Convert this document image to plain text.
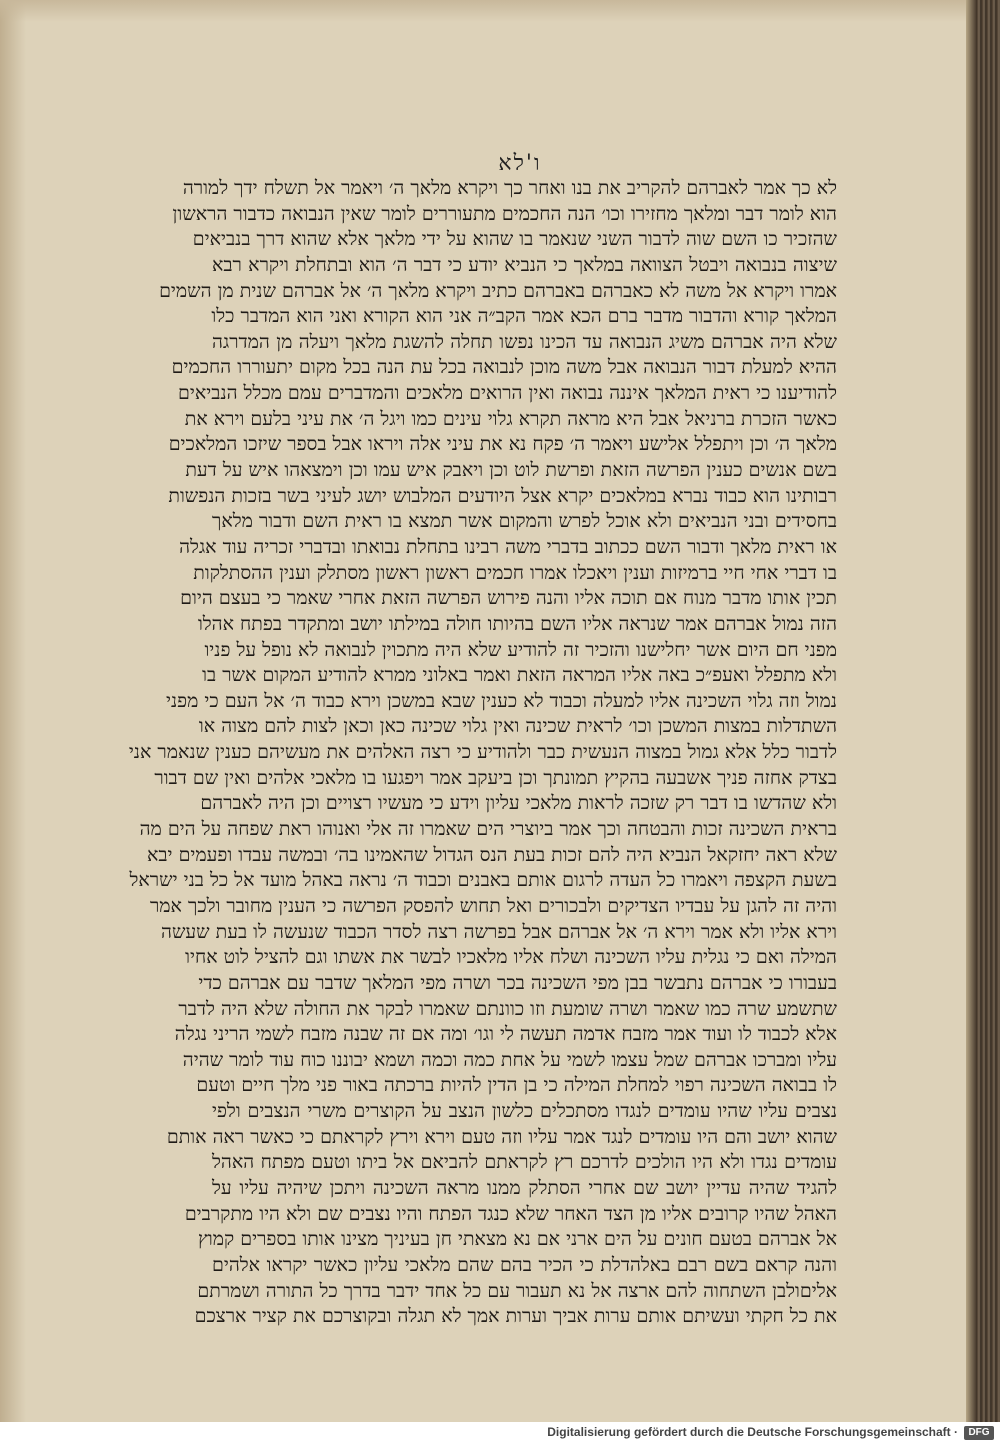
ו'לא
לא כך אמר לאברהם להקריב את בנו ואחר כך ויקרא מלאך ה׳ ויאמר אל תשלח ידך למורה
הוא לומר דבר ומלאך מחזירו וכו׳ הנה החכמים מתעוררים לומר שאין הנבואה כדבור הראשון
שהזכיר כו השם שוה לדבור השני שנאמר בו שהוא על ידי מלאך אלא שהוא דרך בנביאים
שיצוה בנבואה ויבטל הצוואה במלאך כי הנביא יודע כי דבר ה׳ הוא ובתחלת ויקרא רבא
אמרו ויקרא אל משה לא כאברהם באברהם כתיב ויקרא מלאך ה׳ אל אברהם שנית מן השמים
המלאך קורא והדבור מדבר ברם הכא אמר הקב״ה אני הוא הקורא ואני הוא המדבר כלו
שלא היה אברהם משיג הנבואה עד הכינו נפשו תחלה להשגת מלאך ויעלה מן המדרגה
ההיא למעלת דבור הנבואה אבל משה מוכן לנבואה בכל עת הנה בכל מקום יתעוררו החכמים
להודיענו כי ראית המלאך איננה נבואה ואין הרואים מלאכים והמדברים עמם מכלל הנביאים
כאשר הזכרת ברניאל אבל היא מראה תקרא גלוי עינים כמו ויגל ה׳ את עיני בלעם וירא את
מלאך ה׳ וכן ויתפלל אלישע ויאמר ה׳ פקח נא את עיני אלה ויראו אבל בספר שיזכו המלאכים
בשם אנשים כענין הפרשה הזאת ופרשת לוט וכן ויאבק איש עמו וכן וימצאהו איש על דעת
רבותינו הוא כבוד נברא במלאכים יקרא אצל היודעים המלבוש יושג לעיני בשר בזכות הנפשות
בחסידים ובני הנביאים ולא אוכל לפרש והמקום אשר תמצא בו ראית השם ודבור מלאך
או ראית מלאך ודבור השם ככתוב בדברי משה רבינו בתחלת נבואתו ובדברי זכריה עוד אגלה
בו דברי אחי חיי ברמיזות וענין ויאכלו אמרו חכמים ראשון ראשון מסתלק וענין ההסתלקות
תכין אותו מדבר מנוח אם תוכה אליו והנה פירוש הפרשה הזאת אחרי שאמר כי בעצם היום
הזה נמול אברהם אמר שנראה אליו השם בהיותו חולה במילתו יושב ומתקדר בפתח אהלו
מפני חם היום אשר יחלישנו והזכיר זה להודיע שלא היה מתכוין לנבואה לא נופל על פניו
ולא מתפלל ואעפ״כ באה אליו המראה הזאת ואמר באלוני ממרא להודיע המקום אשר בו
נמול וזה גלוי השכינה אליו למעלה וכבוד לא כענין שבא במשכן וירא כבוד ה׳ אל העם כי מפני
השתדלות במצות המשכן וכו׳ לראית שכינה ואין גלוי שכינה כאן וכאן לצות להם מצוה או
לדבור כלל אלא גמול במצוה הנעשית כבר ולהודיע כי רצה האלהים את מעשיהם כענין שנאמר אני
בצדק אחזה פניך אשבעה בהקיץ תמונתך וכן ביעקב אמר ויפגעו בו מלאכי אלהים ואין שם דבור
ולא שהדשו בו דבר רק שזכה לראות מלאכי עליון וידע כי מעשיו רצויים וכן היה לאברהם
בראית השכינה זכות והבטחה וכך אמר ביוצרי הים שאמרו זה אלי ואנוהו ראת שפחה על הים מה
שלא ראה יחזקאל הנביא היה להם זכות בעת הנס הגדול שהאמינו בה׳ ובמשה עבדו ופעמים יבא
בשעת הקצפה ויאמרו כל העדה לרגום אותם באבנים וכבוד ה׳ נראה באהל מועד אל כל בני ישראל
והיה זה להגן על עבדיו הצדיקים ולבכורים ואל תחוש להפסק הפרשה כי הענין מחובר ולכך אמר
וירא אליו ולא אמר וירא ה׳ אל אברהם אבל בפרשה רצה לסדר הכבוד שנעשה לו בעת שעשה
המילה ואם כי נגלית עליו השכינה ושלח אליו מלאכיו לבשר את אשתו וגם להציל לוט אחיו
בעבורו כי אברהם נתבשר בבן מפי השכינה בכר ושרה מפי המלאך שדבר עם אברהם כדי
שתשמע שרה כמו שאמר ושרה שומעת וזו כוונתם שאמרו לבקר את החולה שלא היה לדבר
אלא לכבוד לו ועוד אמר מזבח אדמה תעשה לי וגו׳ ומה אם זה שבנה מזבח לשמי הריני נגלה
עליו ומברכו אברהם שמל עצמו לשמי על אחת כמה וכמה ושמא יבוננו כוח עוד לומר שהיה
לו בבואה השכינה רפוי למחלת המילה כי בן הדין להיות ברכתה באור פני מלך חיים וטעם
נצבים עליו שהיו עומדים לנגדו מסתכלים כלשון הנצב על הקוצרים משרי הנצבים ולפי
שהוא יושב והם היו עומדים לנגד אמר עליו וזה טעם וירא וירץ לקראתם כי כאשר ראה אותם
עומדים נגדו ולא היו הולכים לדרכם רץ לקראתם להביאם אל ביתו וטעם מפתח האהל
להגיד שהיה עדיין יושב שם אחרי הסתלק ממנו מראה השכינה ויתכן שיהיה עליו על
האהל שהיו קרובים אליו מן הצד האחר שלא כנגד הפתח והיו נצבים שם ולא היו מתקרבים
אל אברהם בטעם חונים על הים ארני אם נא מצאתי חן בעיניך מצינו אותו בספרים קמוץ
והנה קראם בשם רבם באלהדלת כי הכיר בהם שהם מלאכי עליון כאשר יקראו אלהים
אליםולבן השתחוה להם ארצה אל נא תעבור עם כל אחד ידבר בדרך כל התורה ושמרתם
את כל חקתי ועשיתם אותם ערות אביך וערות אמך לא תגלה ובקוצרכם את קציר ארצכם
Digitalisierung gefördert durch die Deutsche Forschungsgemeinschaft ·	DFG
